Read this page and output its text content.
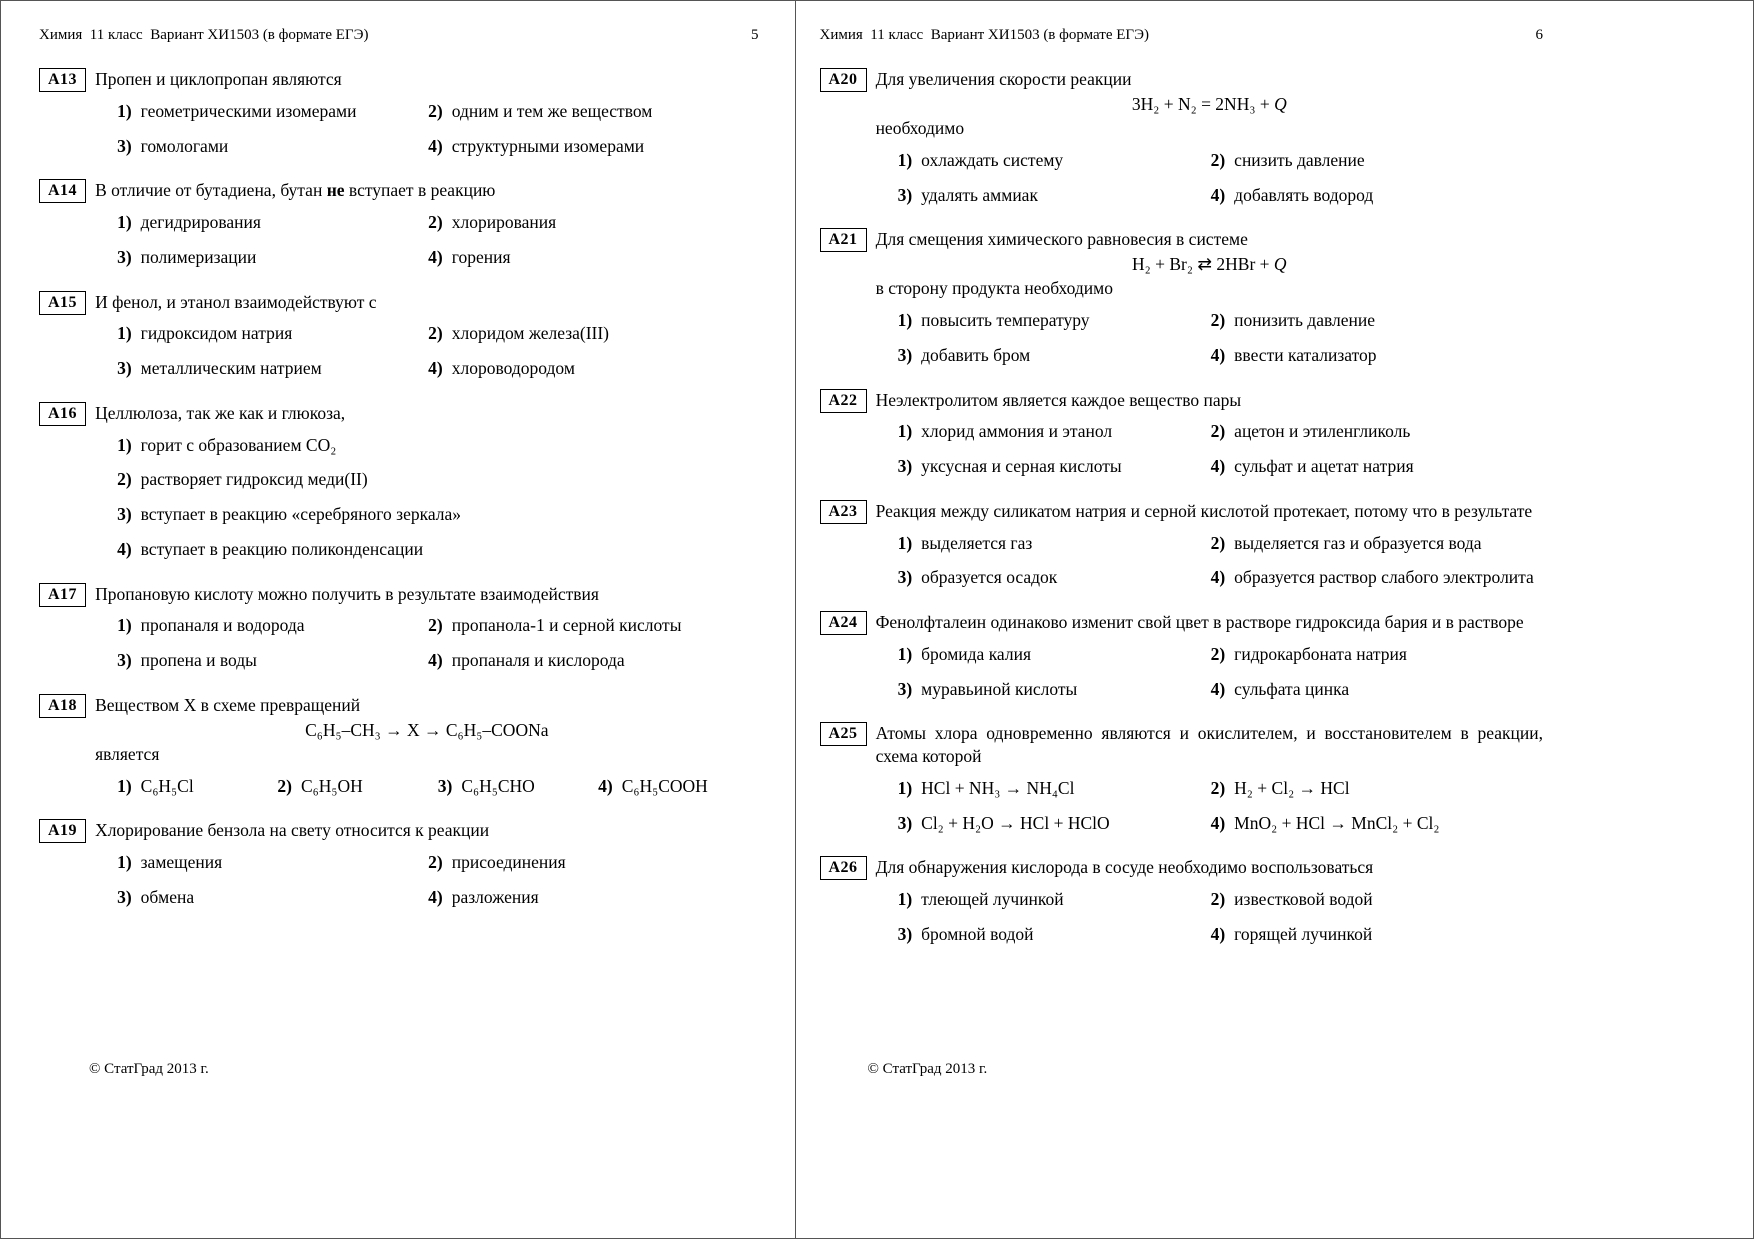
Химия  11 класс  Вариант ХИ1503 (в формате ЕГЭ)	5
А13	Пропен и циклопропан являются

1) геометрическими изомерами	2) одним и тем же веществом
3) гомологами	4) структурными изомерами
А14	В отличие от бутадиена, бутан не вступает в реакцию

1) дегидрирования	2) хлорирования
3) полимеризации	4) горения
А15	И фенол, и этанол взаимодействуют с

1) гидроксидом натрия	2) хлоридом железа(III)
3) металлическим натрием	4) хлороводородом
А16	Целлюлоза, так же как и глюкоза,

1) горит с образованием CO₂
2) растворяет гидроксид меди(II)
3) вступает в реакцию «серебряного зеркала»
4) вступает в реакцию поликонденсации
А17	Пропановую кислоту можно получить в результате взаимодействия

1) пропаналя и водорода	2) пропанола-1 и серной кислоты
3) пропена и воды	4) пропаналя и кислорода
А18	Веществом X в схеме превращений

C₆H₅–CH₃ → X → C₆H₅–COONa

является

1) C₆H₅Cl	2) C₆H₅OH	3) C₆H₅CHO	4) C₆H₅COOH
А19	Хлорирование бензола на свету относится к реакции

1) замещения	2) присоединения
3) обмена	4) разложения
© СтатГрад 2013 г.
Химия  11 класс  Вариант ХИ1503 (в формате ЕГЭ)	6
А20	Для увеличения скорости реакции

3H₂ + N₂ = 2NH₃ + Q

необходимо

1) охлаждать систему	2) снизить давление
3) удалять аммиак	4) добавлять водород
А21	Для смещения химического равновесия в системе

H₂ + Br₂ ⇄ 2HBr + Q

в сторону продукта необходимо

1) повысить температуру	2) понизить давление
3) добавить бром	4) ввести катализатор
А22	Неэлектролитом является каждое вещество пары

1) хлорид аммония и этанол	2) ацетон и этиленгликоль
3) уксусная и серная кислоты	4) сульфат и ацетат натрия
А23	Реакция между силикатом натрия и серной кислотой протекает, потому что в результате

1) выделяется газ	2) выделяется газ и образуется вода
3) образуется осадок	4) образуется раствор слабого электролита
А24	Фенолфталеин одинаково изменит свой цвет в растворе гидроксида бария и в растворе

1) бромида калия	2) гидрокарбоната натрия
3) муравьиной кислоты	4) сульфата цинка
А25	Атомы хлора одновременно являются и окислителем, и восстановителем в реакции, схема которой

1) HCl + NH₃ → NH₄Cl	2) H₂ + Cl₂ → HCl
3) Cl₂ + H₂O → HCl + HClO	4) MnO₂ + HCl → MnCl₂ + Cl₂
А26	Для обнаружения кислорода в сосуде необходимо воспользоваться

1) тлеющей лучинкой	2) известковой водой
3) бромной водой	4) горящей лучинкой
© СтатГрад 2013 г.
